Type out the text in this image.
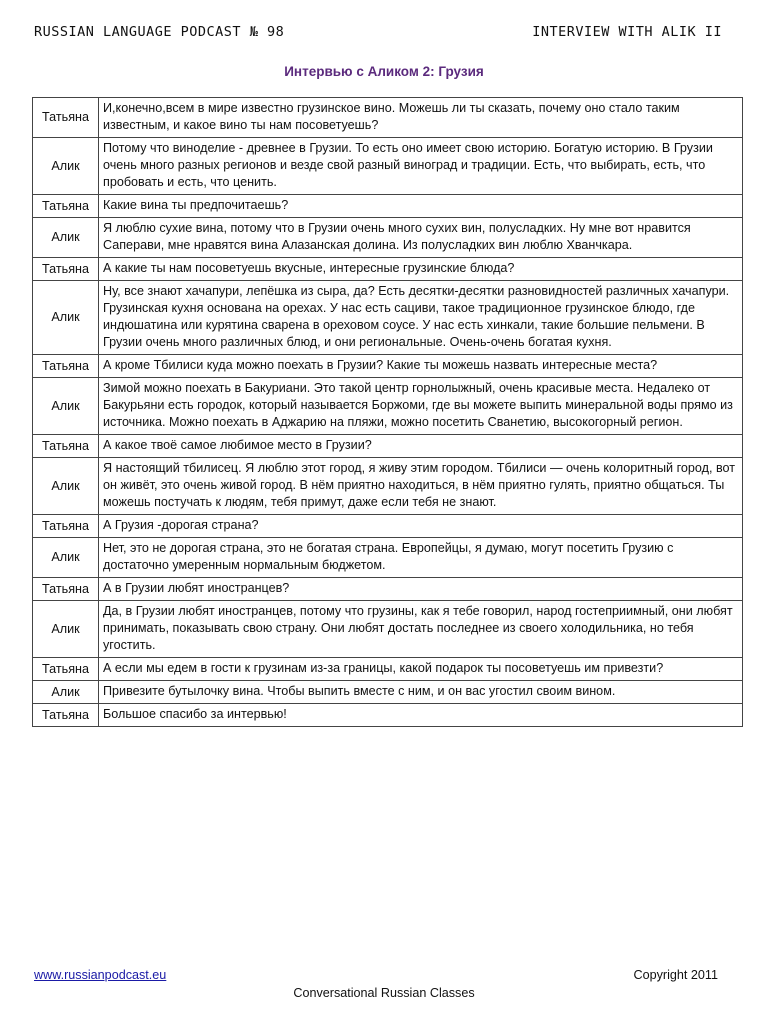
RUSSIAN LANGUAGE PODCAST № 98	INTERVIEW WITH ALIK II
Интервью с Аликом 2: Грузия
Татьяна	И,конечно,всем в мире известно грузинское вино. Можешь ли ты сказать, почему оно стало таким известным, и какое вино ты нам посоветуешь?
Алик	Потому что виноделие - древнее в Грузии. То есть оно имеет свою историю. Богатую историю. В Грузии очень много разных регионов и везде свой разный виноград и традиции. Есть, что выбирать, есть, что пробовать и есть, что ценить.
Татьяна	Какие вина ты предпочитаешь?
Алик	Я люблю сухие вина, потому что в Грузии очень много сухих вин, полусладких. Ну мне вот нравится Саперави, мне нравятся вина Алазанская долина. Из полусладких вин люблю Хванчкара.
Татьяна	А какие ты нам посоветуешь вкусные, интересные грузинские блюда?
Алик	Ну, все знают хачапури, лепёшка из сыра, да? Есть десятки-десятки разновидностей различных хачапури. Грузинская кухня основана на орехах. У нас есть сациви, такое традиционное грузинское блюдо, где индюшатина или курятина сварена в ореховом соусе. У нас есть хинкали, такие большие пельмени. В Грузии очень много различных блюд, и они региональные. Очень-очень богатая кухня.
Татьяна	А кроме Тбилиси куда можно поехать в Грузии? Какие ты можешь назвать интересные места?
Алик	Зимой можно поехать в Бакуриани. Это такой центр горнолыжный, очень красивые места. Недалеко от Бакурьяни есть городок, который называется Боржоми, где вы можете выпить минеральной воды прямо из источника. Можно поехать в Аджарию на пляжи, можно посетить Сванетию, высокогорный регион.
Татьяна	А какое твоё самое любимое место в Грузии?
Алик	Я настоящий тбилисец. Я люблю этот город, я живу этим городом. Тбилиси — очень колоритный город, вот он живёт, это очень живой город. В нём приятно находиться, в нём приятно гулять, приятно общаться. Ты можешь постучать к людям, тебя примут, даже если тебя не знают.
Татьяна	А Грузия -дорогая страна?
Алик	Нет, это не дорогая страна, это не богатая страна. Европейцы, я думаю, могут посетить Грузию с достаточно умеренным нормальным бюджетом.
Татьяна	А в Грузии любят иностранцев?
Алик	Да, в Грузии любят иностранцев, потому что грузины, как я тебе говорил, народ гостеприимный, они любят принимать, показывать свою страну. Они любят достать последнее из своего холодильника, но тебя угостить.
Татьяна	А если мы едем в гости к грузинам из-за границы, какой подарок ты посоветуешь им привезти?
Алик	Привезите бутылочку вина. Чтобы выпить вместе с ним, и он вас угостил своим вином.
Татьяна	Большое спасибо за интервью!
www.russianpodcast.eu	Copyright 2011
Conversational Russian Classes
